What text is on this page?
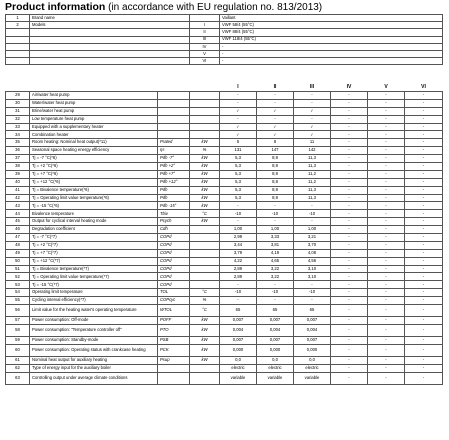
Product information (in accordance with EU regulation no. 813/2013)
1	Brand name		Vaillant
2	Models	I	VWF 58/4 (55°C)
		II	VWF 88/4 (55°C)
		III	VWF 118/4 (55°C)
		IV	-
		V	-
		VI	-
				I	II	III	IV	V	VI
29	Air/water heat pump			-	-	-	-	-	-
30	Water/water heat pump			-	-	-	-	-	-
31	Brine/water heat pump			✓	✓	✓	-	-	-
32	Low temperature heat pump			-	-	-	-	-	-
33	Equipped with a supplementary heater			✓	✓	✓	-	-	-
34	Combination heater			✓	✓	✓	-	-	-
35	Room heating: Nominal heat output(*11)	Prated	kW	5	8	11	-	-	-
36	Seasonal space heating energy efficiency	ηs	%	131	147	142	-	-	-
37	Tj = -7 °C(*6)	Pdh -7°	kW	5,3	8,9	11,3	-	-	-
38	Tj = +2 °C(*6)	Pdh +2°	kW	5,3	8,9	11,3	-	-	-
39	Tj = +7 °C(*6)	Pdh +7°	kW	5,3	8,9	11,2	-	-	-
40	Tj = +12 °C(*6)	Pdh +12°	kW	5,3	8,8	11,2	-	-	-
41	Tj = Bivalence temperature(*6)	Pdh	kW	5,3	8,9	11,3	-	-	-
42	Tj = Operating limit value temperature(*6)	Pdh	kW	5,3	8,9	11,3	-	-	-
43	Tj = -15 °C(*6)	Pdh -15°	kW	-	-	-	-	-	-
44	Bivalence temperature	Tbiv	°C	-10	-10	-10	-	-	-
45	Output for cyclical interval heating mode	Pcych	kW	-	-	-	-	-	-
46	Degradation coefficient	Cdh		1,00	1,00	1,00	-	-	-
47	Tj = -7 °C(*7)	COPd		2,99	3,33	3,21	-	-	-
48	Tj = +2 °C(*7)	COPd		3,44	3,81	3,70	-	-	-
49	Tj = +7 °C(*7)	COPd		3,79	4,19	4,08	-	-	-
50	Tj = +12 °C(*7)	COPd		4,22	4,65	4,56	-	-	-
51	Tj = Bivalence temperature(*7)	COPd		2,89	3,22	3,10	-	-	-
52	Tj = Operating limit value temperature(*7)	COPd		2,89	3,22	3,10	-	-	-
53	Tj = -15 °C(*7)	COPd		-	-	-	-	-	-
54	Operating limit temperature	TOL	°C	-10	-10	-10	-	-	-
55	Cycling interval efficiency(*7)	COPcyc	%	-	-	-	-	-	-
56	Limit value for the heating water's operating temperature	WTOL	°C	65	65	65	-	-	-
57	Power consumption: Off-mode	POFF	kW	0,007	0,007	0,007	-	-	-
58	Power consumption: "Temperature controller off"	PTO	kW	0,004	0,004	0,004	-	-	-
59	Power consumption: Standby-mode	PSB	kW	0,007	0,007	0,007	-	-	-
60	Power consumption: Operating status with crankcase heating	PCK	kW	0,000	0,000	0,000	-	-	-
61	Nominal heat output for auxiliary heating	Psup	kW	0,0	0,0	0,0	-	-	-
62	Type of energy input for the auxiliary boiler			electric	electric	electric	-	-	-
63	Controlling output under average climate conditions			variable	variable	variable	-	-	-
